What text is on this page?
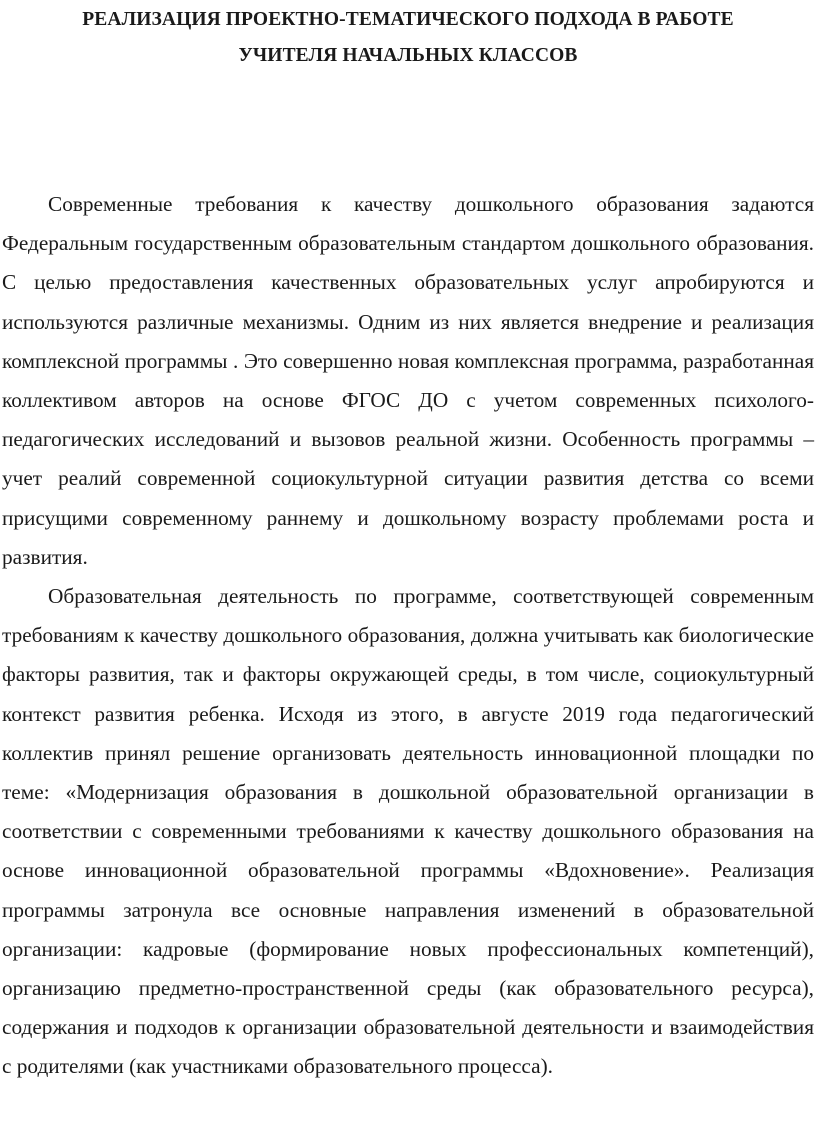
РЕАЛИЗАЦИЯ ПРОЕКТНО-ТЕМАТИЧЕСКОГО ПОДХОДА В РАБОТЕ
УЧИТЕЛЯ НАЧАЛЬНЫХ КЛАССОВ

Современные требования к качеству дошкольного образования задаются Федеральным государственным образовательным стандартом дошкольного образования. С целью предоставления качественных образовательных услуг апробируются и используются различные механизмы. Одним из них является внедрение и реализация комплексной программы . Это совершенно новая комплексная программа, разработанная коллективом авторов на основе ФГОС ДО с учетом современных психолого-педагогических исследований и вызовов реальной жизни. Особенность программы – учет реалий современной социокультурной ситуации развития детства со всеми присущими современному раннему и дошкольному возрасту проблемами роста и развития.

Образовательная деятельность по программе, соответствующей современным требованиям к качеству дошкольного образования, должна учитывать как биологические факторы развития, так и факторы окружающей среды, в том числе, социокультурный контекст развития ребенка. Исходя из этого, в августе 2019 года педагогический коллектив принял решение организовать деятельность инновационной площадки по теме: «Модернизация образования в дошкольной образовательной организации в соответствии с современными требованиями к качеству дошкольного образования на основе инновационной образовательной программы «Вдохновение». Реализация программы затронула все основные направления изменений в образовательной организации: кадровые (формирование новых профессиональных компетенций), организацию предметно-пространственной среды (как образовательного ресурса), содержания и подходов к организации образовательной деятельности и взаимодействия с родителями (как участниками образовательного процесса).
